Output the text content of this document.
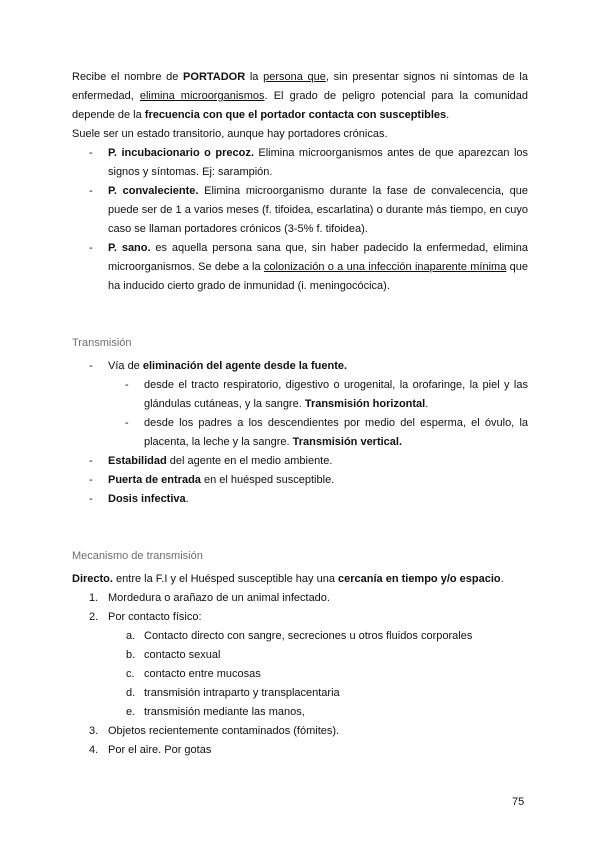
Recibe el nombre de PORTADOR la persona que, sin presentar signos ni síntomas de la enfermedad, elimina microorganismos. El grado de peligro potencial para la comunidad depende de la frecuencia con que el portador contacta con susceptibles.

Suele ser un estado transitorio, aunque hay portadores crónicas.

- P. incubacionario o precoz. Elimina microorganismos antes de que aparezcan los signos y síntomas. Ej: sarampión.
- P. convaleciente. Elimina microorganismo durante la fase de convalecencia, que puede ser de 1 a varios meses (f. tifoidea, escarlatina) o durante más tiempo, en cuyo caso se llaman portadores crónicos (3-5% f. tifoidea).
- P. sano. es aquella persona sana que, sin haber padecido la enfermedad, elimina microorganismos. Se debe a la colonización o a una infección inaparente mínima que ha inducido cierto grado de inmunidad (i. meningocócica).

Transmisión

- Vía de eliminación del agente desde la fuente.
- desde el tracto respiratorio, digestivo o urogenital, la orofaringe, la piel y las glándulas cutáneas, y la sangre. Transmisión horizontal.
- desde los padres a los descendientes por medio del esperma, el óvulo, la placenta, la leche y la sangre. Transmisión vertical.
- Estabilidad del agente en el medio ambiente.
- Puerta de entrada en el huésped susceptible.
- Dosis infectiva.

Mecanismo de transmisión

Directo. entre la F.I y el Huésped susceptible hay una cercanía en tiempo y/o espacio.

1. Mordedura o arañazo de un animal infectado.
2. Por contacto físico:
a. Contacto directo con sangre, secreciones u otros fluidos corporales
b. contacto sexual
c. contacto entre mucosas
d. transmisión intraparto y transplacentaria
e. transmisión mediante las manos,
3. Objetos recientemente contaminados (fómites).
4. Por el aire. Por gotas
75
